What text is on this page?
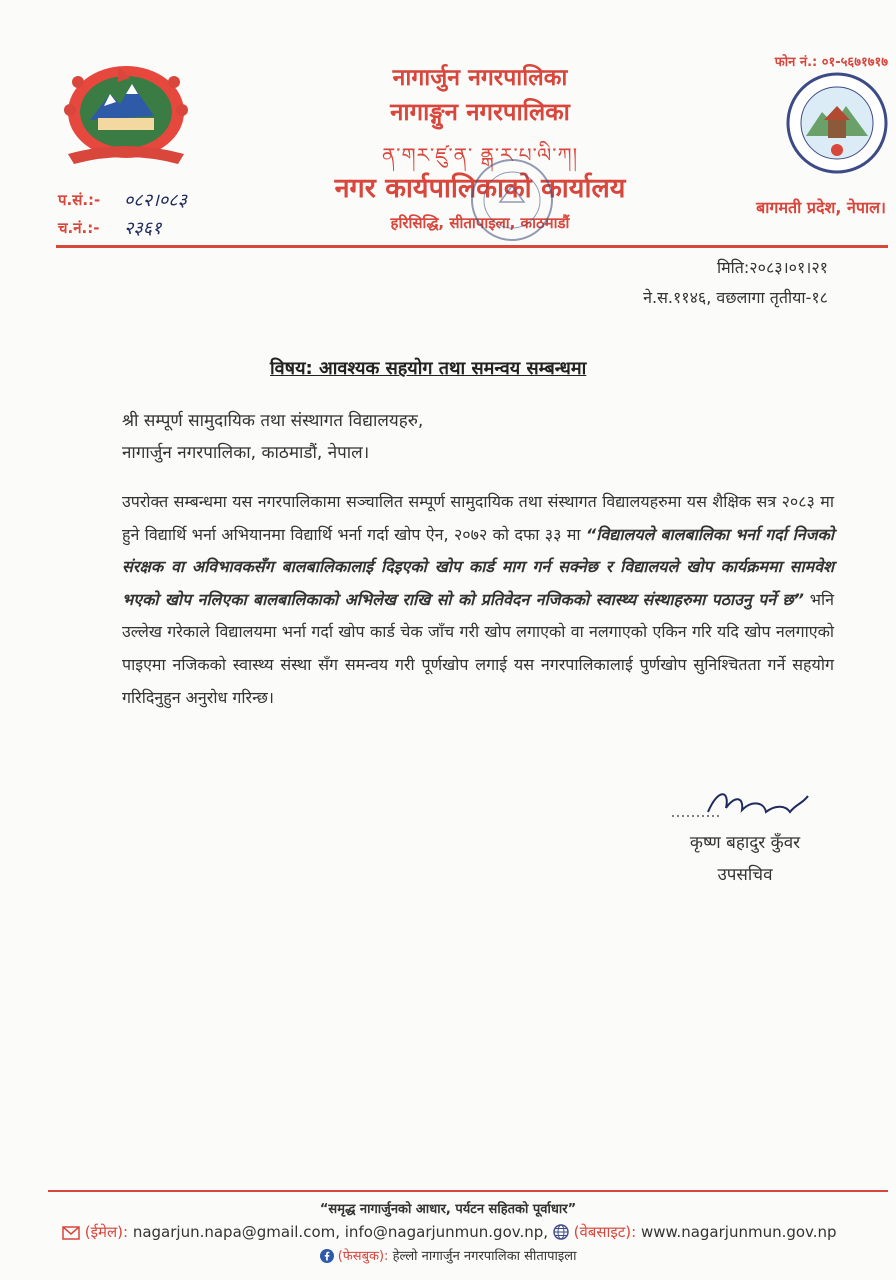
नागार्जुन नगरपालिका
नागाङ्गुन नगरपालिका
ན་གར་ཛུ་ན་ ནྒ་ར་པ་ལི་ཀ།
नगर कार्यपालिकाको कार्यालय
हरिसिद्धि, सीतापाइला, काठमाडौं
फोन नं.: ०१-५६७१७१७
बागमती प्रदेश, नेपाल।
प.सं.:- ०८२।०८३
च.नं.:- २३६१
मिति:२०८३।०१।२१
ने.स.११४६, वछलागा तृतीया-१८
विषय: आवश्यक सहयोग तथा समन्वय सम्बन्धमा
श्री सम्पूर्ण सामुदायिक तथा संस्थागत विद्यालयहरु,
नागार्जुन नगरपालिका, काठमाडौं, नेपाल।
उपरोक्त सम्बन्धमा यस नगरपालिकामा सञ्चालित सम्पूर्ण सामुदायिक तथा संस्थागत विद्यालयहरुमा यस शैक्षिक सत्र २०८३ मा हुने विद्यार्थि भर्ना अभियानमा विद्यार्थि भर्ना गर्दा खोप ऐन, २०७२ को दफा ३३ मा “विद्यालयले बालबालिका भर्ना गर्दा निजको संरक्षक वा अविभावकसँग बालबालिकालाई दिइएको खोप कार्ड माग गर्न सक्नेछ र विद्यालयले खोप कार्यक्रममा सामवेश भएको खोप नलिएका बालबालिकाको अभिलेख राखि सो को प्रतिवेदन नजिकको स्वास्थ्य संस्थाहरुमा पठाउनु पर्ने छ” भनि उल्लेख गरेकाले विद्यालयमा भर्ना गर्दा खोप कार्ड चेक जाँच गरी खोप लगाएको वा नलगाएको एकिन गरि यदि खोप नलगाएको पाइएमा नजिकको स्वास्थ्य संस्था सँग समन्वय गरी पूर्णखोप लगाई यस नगरपालिकालाई पुर्णखोप सुनिश्चितता गर्ने सहयोग गरिदिनुहुन अनुरोध गरिन्छ।
कृष्ण बहादुर कुँवर
उपसचिव
“समृद्ध नागार्जुनको आधार, पर्यटन सहितको पूर्वाधार”
(ईमेल): nagarjun.napa@gmail.com, info@nagarjunmun.gov.np, (वेबसाइट): www.nagarjunmun.gov.np
(फेसबुक): हेल्लो नागार्जुन नगरपालिका सीतापाइला
